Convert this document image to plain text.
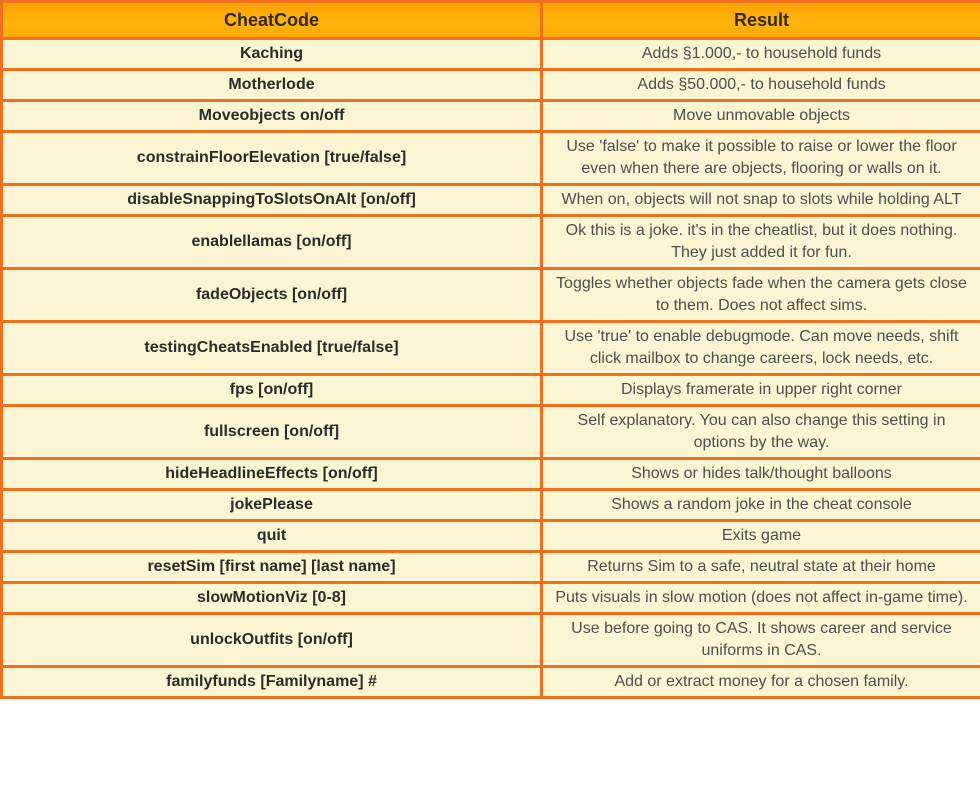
CheatCode	Result
Kaching	Adds §1.000,- to household funds
Motherlode	Adds §50.000,- to household funds
Moveobjects on/off	Move unmovable objects
constrainFloorElevation [true/false]	Use 'false' to make it possible to raise or lower the floor even when there are objects, flooring or walls on it.
disableSnappingToSlotsOnAlt [on/off]	When on, objects will not snap to slots while holding ALT
enablellamas [on/off]	Ok this is a joke. it's in the cheatlist, but it does nothing. They just added it for fun.
fadeObjects [on/off]	Toggles whether objects fade when the camera gets close to them. Does not affect sims.
testingCheatsEnabled [true/false]	Use 'true' to enable debugmode. Can move needs, shift click mailbox to change careers, lock needs, etc.
fps [on/off]	Displays framerate in upper right corner
fullscreen [on/off]	Self explanatory. You can also change this setting in options by the way.
hideHeadlineEffects [on/off]	Shows or hides talk/thought balloons
jokePlease	Shows a random joke in the cheat console
quit	Exits game
resetSim [first name] [last name]	Returns Sim to a safe, neutral state at their home
slowMotionViz [0-8]	Puts visuals in slow motion (does not affect in-game time).
unlockOutfits [on/off]	Use before going to CAS. It shows career and service uniforms in CAS.
familyfunds [Familyname] #	Add or extract money for a chosen family.
